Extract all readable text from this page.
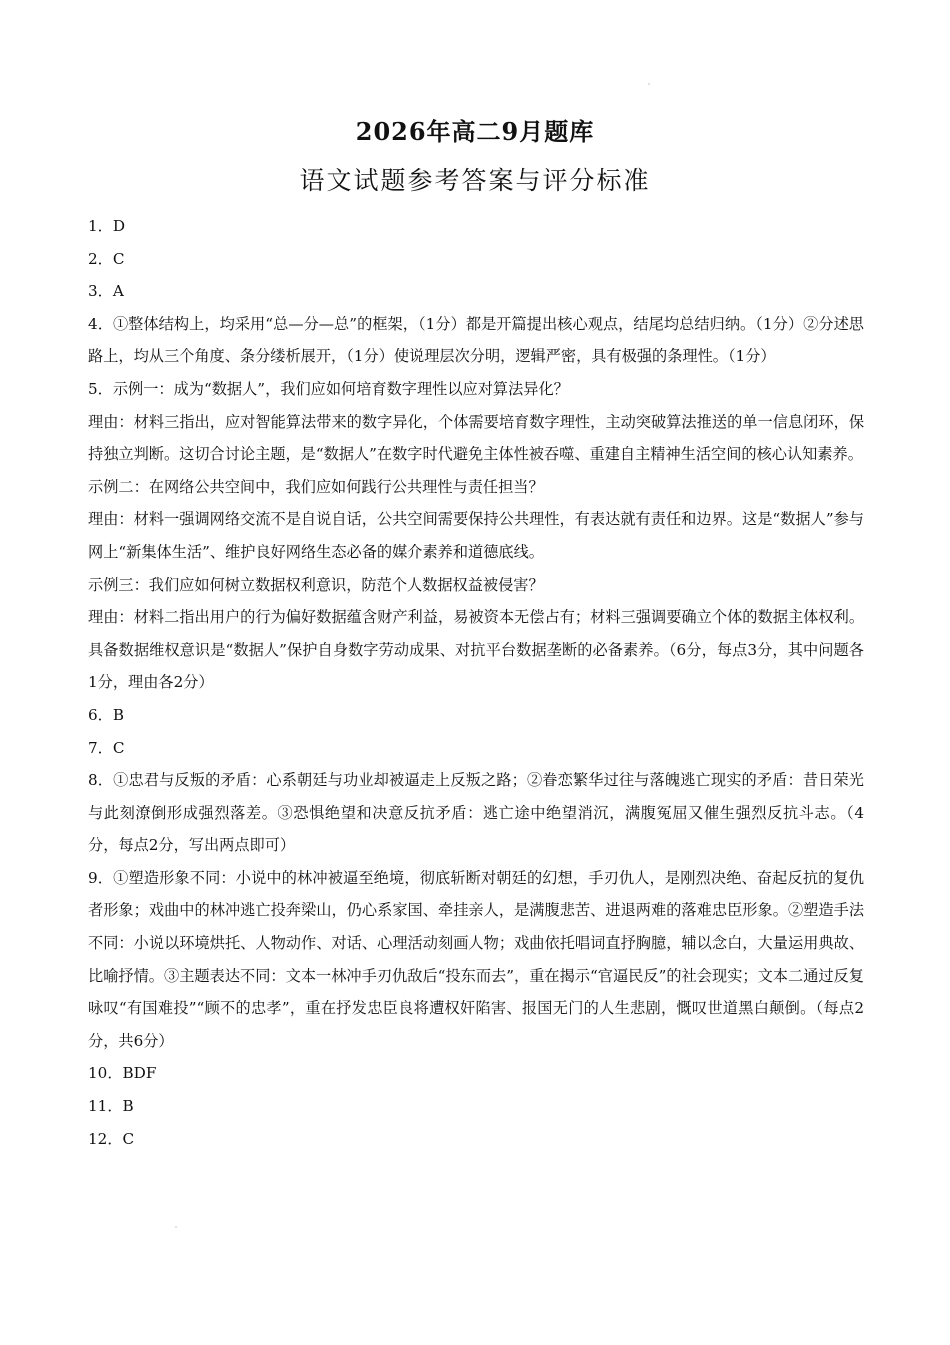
2026年高二9月题库
语文试题参考答案与评分标准

1．D

2．C

3．A

4．①整体结构上，均采用“总—分—总”的框架，（1分）都是开篇提出核心观点，结尾均总结归纳。（1分）②分述思路上，均从三个角度、条分缕析展开，（1分）使说理层次分明，逻辑严密，具有极强的条理性。（1分）

5．示例一：成为“数据人”，我们应如何培育数字理性以应对算法异化？

理由：材料三指出，应对智能算法带来的数字异化，个体需要培育数字理性，主动突破算法推送的单一信息闭环，保持独立判断。这切合讨论主题，是“数据人”在数字时代避免主体性被吞噬、重建自主精神生活空间的核心认知素养。

示例二：在网络公共空间中，我们应如何践行公共理性与责任担当？

理由：材料一强调网络交流不是自说自话，公共空间需要保持公共理性，有表达就有责任和边界。这是“数据人”参与网上“新集体生活”、维护良好网络生态必备的媒介素养和道德底线。

示例三：我们应如何树立数据权利意识，防范个人数据权益被侵害？

理由：材料二指出用户的行为偏好数据蕴含财产利益，易被资本无偿占有；材料三强调要确立个体的数据主体权利。具备数据维权意识是“数据人”保护自身数字劳动成果、对抗平台数据垄断的必备素养。（6分，每点3分，其中问题各1分，理由各2分）

6．B

7．C

8．①忠君与反叛的矛盾：心系朝廷与功业却被逼走上反叛之路；②眷恋繁华过往与落魄逃亡现实的矛盾：昔日荣光与此刻潦倒形成强烈落差。③恐惧绝望和决意反抗矛盾：逃亡途中绝望消沉，满腹冤屈又催生强烈反抗斗志。（4分，每点2分，写出两点即可）

9．①塑造形象不同：小说中的林冲被逼至绝境，彻底斩断对朝廷的幻想，手刃仇人，是刚烈决绝、奋起反抗的复仇者形象；戏曲中的林冲逃亡投奔梁山，仍心系家国、牵挂亲人，是满腹悲苦、进退两难的落难忠臣形象。②塑造手法不同：小说以环境烘托、人物动作、对话、心理活动刻画人物；戏曲依托唱词直抒胸臆，辅以念白，大量运用典故、比喻抒情。③主题表达不同：文本一林冲手刃仇敌后“投东而去”，重在揭示“官逼民反”的社会现实；文本二通过反复咏叹“有国难投”“顾不的忠孝”，重在抒发忠臣良将遭权奸陷害、报国无门的人生悲剧，慨叹世道黑白颠倒。（每点2分，共6分）

10．BDF

11．B

12．C
